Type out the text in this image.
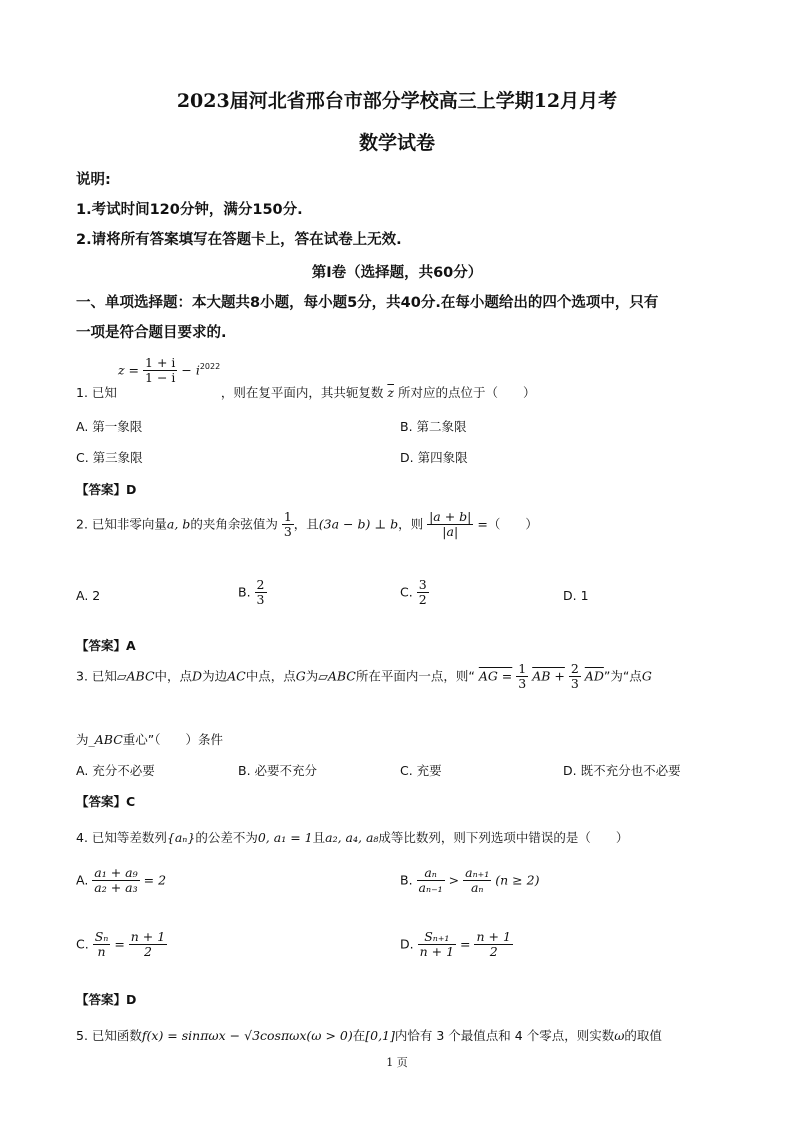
2023届河北省邢台市部分学校高三上学期12月月考
数学试卷
说明:
1.考试时间120分钟，满分150分.
2.请将所有答案填写在答题卡上，答在试卷上无效.
第I卷（选择题，共60分）
一、单项选择题：本大题共8小题，每小题5分，共40分.在每小题给出的四个选项中，只有
一项是符合题目要求的.
$z = \frac{1 + i}{1 - i} - i^{2022}$
1. 已知	，则在复平面内，其共轭复数 $\overline{z}$ 所对应的点位于（　　）
A. 第一象限	B. 第二象限
C. 第三象限	D. 第四象限
【答案】D
2. 已知非零向量a, b的夹角余弦值为 $\frac{1}{3}$ ，且(3a − b) ⊥ b，则 $\frac{|a + b|}{|a|}$ =（　　）
A. 2	B. $\frac{2}{3}$	C. $\frac{3}{2}$	D. 1
【答案】A
3. 已知▱ABC中，点D为边AC中点，点G为▱ABC所在平面内一点，则“ AG = $\frac{1}{3}$ AB + $\frac{2}{3} \overline{AD}$”为“点G
为_ABC重心”（　　）条件
A. 充分不必要	B. 必要不充分	C. 充要	D. 既不充分也不必要
【答案】C
4. 已知等差数列{aₙ}的公差不为0, a₁ = 1且a₂, a₄, a₈成等比数列，则下列选项中错误的是（　　）
A. $\frac{\text{a₁ + a₉}}{\text{a₂ + a₃}} = 2$	B. $\frac{\text{aₙ}}{\text{aₙ₋₁}} > \frac{\text{aₙ₊₁}}{\text{aₙ}} (n \ge 2)$
C. $\frac{\text{Sₙ}}{n} = \frac{n + 1}{2}$	D. $\frac{\text{Sₙ₊₁}}{n + 1} = \frac{n + 1}{2}$
【答案】D
5. 已知函数f(x) = sinπωx − √3cosπωx(ω > 0)在[0,1]内恰有 3 个最值点和 4 个零点，则实数ω的取值
1 页
